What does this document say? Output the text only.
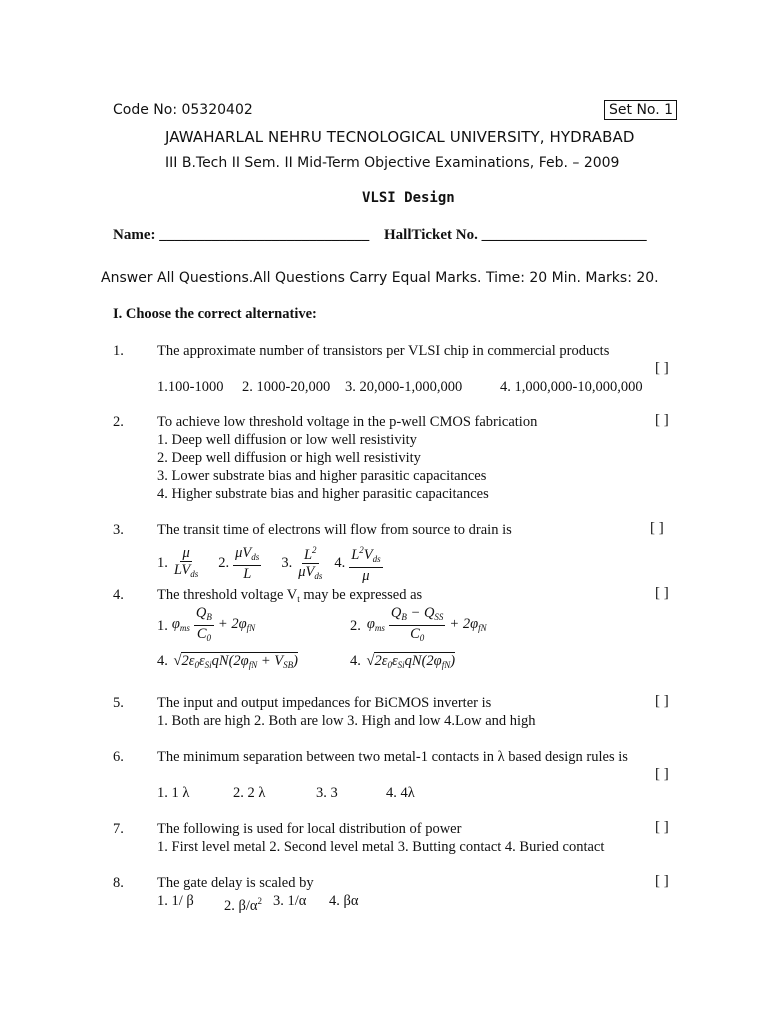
Code No: 05320402	Set No. 1
JAWAHARLAL NEHRU TECNOLOGICAL UNIVERSITY, HYDRABAD
III B.Tech II Sem. II Mid-Term Objective Examinations, Feb. – 2009
VLSI Design
Name: ____________________________ HallTicket No. ______________________
Answer All Questions.All Questions Carry Equal Marks. Time: 20 Min. Marks: 20.
I. Choose the correct alternative:
1. The approximate number of transistors per VLSI chip in commercial products
[ ]
1.100-1000 2. 1000-20,000 3. 20,000-1,000,000	4. 1,000,000-10,000,000
2. To achieve low threshold voltage in the p-well CMOS fabrication	[ ]
1. Deep well diffusion or low well resistivity
2. Deep well diffusion or high well resistivity
3. Lower substrate bias and higher parasitic capacitances
4. Higher substrate bias and higher parasitic capacitances
3. The transit time of electrons will flow from source to drain is	[ ]
1. $\frac{\mu}{LV_{ds}} 2$. $\frac{\mu V_{ds}}{L} 3$. $\frac{L^2}{\mu V_{ds}} 4$. $\frac{L^2V_{ds}}{\mu}$
4. The threshold voltage $V_t$ may be expressed as	[ ]
1. $\varphi_{ms} \frac{Q_B}{C_0} + 2\varphi_{fN}$	2. $\varphi_{ms} \frac{Q_B - Q_{SS}}{C_0} + 2\varphi_{fN}$
4. $√2\varepsilon_0\varepsilon_{Si}qN(2\varphi_{fN} + V_{SB})$	4. $√2\varepsilon_0\varepsilon_{Si}qN(2\varphi_{fN})$
5. The input and output impedances for BiCMOS inverter is	[ ]
1. Both are high 2. Both are low 3. High and low 4.Low and high
6. The minimum separation between two metal-1 contacts in λ based design rules is
[ ]
1. 1 λ	2. 2 λ	3. 3	4. 4λ
7. The following is used for local distribution of power	[ ]
1. First level metal 2. Second level metal 3. Butting contact 4. Buried contact
8. The gate delay is scaled by	[ ]
1. 1/ β 2. $\beta/\alpha^2$ 3. 1/α 4. βα
